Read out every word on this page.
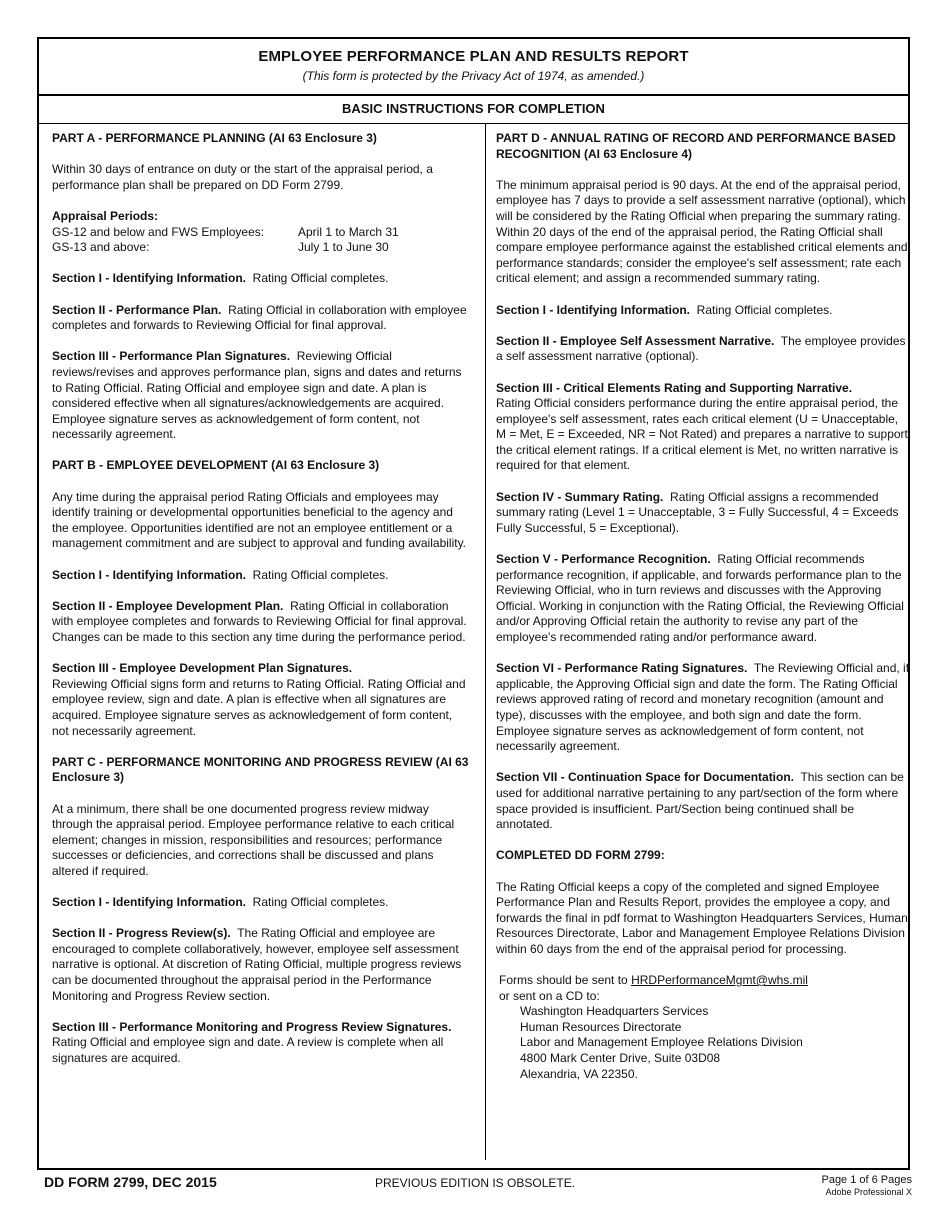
EMPLOYEE PERFORMANCE PLAN AND RESULTS REPORT
(This form is protected by the Privacy Act of 1974, as amended.)
BASIC INSTRUCTIONS FOR COMPLETION

PART A - PERFORMANCE PLANNING (AI 63 Enclosure 3)

Within 30 days of entrance on duty or the start of the appraisal period, a performance plan shall be prepared on DD Form 2799.

Appraisal Periods:
GS-12 and below and FWS Employees:	April 1 to March 31
GS-13 and above:	July 1 to June 30

Section I - Identifying Information. Rating Official completes.

Section II - Performance Plan. Rating Official in collaboration with employee completes and forwards to Reviewing Official for final approval.

Section III - Performance Plan Signatures. Reviewing Official reviews/revises and approves performance plan, signs and dates and returns to Rating Official. Rating Official and employee sign and date. A plan is considered effective when all signatures/acknowledgements are acquired. Employee signature serves as acknowledgement of form content, not necessarily agreement.

PART B - EMPLOYEE DEVELOPMENT (AI 63 Enclosure 3)

Any time during the appraisal period Rating Officials and employees may identify training or developmental opportunities beneficial to the agency and the employee. Opportunities identified are not an employee entitlement or a management commitment and are subject to approval and funding availability.

Section I - Identifying Information. Rating Official completes.

Section II - Employee Development Plan. Rating Official in collaboration with employee completes and forwards to Reviewing Official for final approval. Changes can be made to this section any time during the performance period.

Section III - Employee Development Plan Signatures.
Reviewing Official signs form and returns to Rating Official. Rating Official and employee review, sign and date. A plan is effective when all signatures are acquired. Employee signature serves as acknowledgement of form content, not necessarily agreement.

PART C - PERFORMANCE MONITORING AND PROGRESS REVIEW (AI 63 Enclosure 3)

At a minimum, there shall be one documented progress review midway through the appraisal period. Employee performance relative to each critical element; changes in mission, responsibilities and resources; performance successes or deficiencies, and corrections shall be discussed and plans altered if required.

Section I - Identifying Information. Rating Official completes.

Section II - Progress Review(s). The Rating Official and employee are encouraged to complete collaboratively, however, employee self assessment narrative is optional. At discretion of Rating Official, multiple progress reviews can be documented throughout the appraisal period in the Performance Monitoring and Progress Review section.

Section III - Performance Monitoring and Progress Review Signatures.
Rating Official and employee sign and date. A review is complete when all signatures are acquired.

PART D - ANNUAL RATING OF RECORD AND PERFORMANCE BASED RECOGNITION (AI 63 Enclosure 4)

The minimum appraisal period is 90 days. At the end of the appraisal period, employee has 7 days to provide a self assessment narrative (optional), which will be considered by the Rating Official when preparing the summary rating. Within 20 days of the end of the appraisal period, the Rating Official shall compare employee performance against the established critical elements and performance standards; consider the employee's self assessment; rate each critical element; and assign a recommended summary rating.

Section I - Identifying Information. Rating Official completes.

Section II - Employee Self Assessment Narrative. The employee provides a self assessment narrative (optional).

Section III - Critical Elements Rating and Supporting Narrative.
Rating Official considers performance during the entire appraisal period, the employee's self assessment, rates each critical element (U = Unacceptable, M = Met, E = Exceeded, NR = Not Rated) and prepares a narrative to support the critical element ratings. If a critical element is Met, no written narrative is required for that element.

Section IV - Summary Rating. Rating Official assigns a recommended summary rating (Level 1 = Unacceptable, 3 = Fully Successful, 4 = Exceeds Fully Successful, 5 = Exceptional).

Section V - Performance Recognition. Rating Official recommends performance recognition, if applicable, and forwards performance plan to the Reviewing Official, who in turn reviews and discusses with the Approving Official. Working in conjunction with the Rating Official, the Reviewing Official and/or Approving Official retain the authority to revise any part of the employee's recommended rating and/or performance award.

Section VI - Performance Rating Signatures. The Reviewing Official and, if applicable, the Approving Official sign and date the form. The Rating Official reviews approved rating of record and monetary recognition (amount and type), discusses with the employee, and both sign and date the form. Employee signature serves as acknowledgement of form content, not necessarily agreement.

Section VII - Continuation Space for Documentation. This section can be used for additional narrative pertaining to any part/section of the form where space provided is insufficient. Part/Section being continued shall be annotated.

COMPLETED DD FORM 2799:

The Rating Official keeps a copy of the completed and signed Employee Performance Plan and Results Report, provides the employee a copy, and forwards the final in pdf format to Washington Headquarters Services, Human Resources Directorate, Labor and Management Employee Relations Division within 60 days from the end of the appraisal period for processing.

Forms should be sent to HRDPerformanceMgmt@whs.mil
or sent on a CD to:
Washington Headquarters Services
Human Resources Directorate
Labor and Management Employee Relations Division
4800 Mark Center Drive, Suite 03D08
Alexandria, VA 22350.
DD FORM 2799, DEC 2015	PREVIOUS EDITION IS OBSOLETE.	Page 1 of 6 Pages
Adobe Professional X
